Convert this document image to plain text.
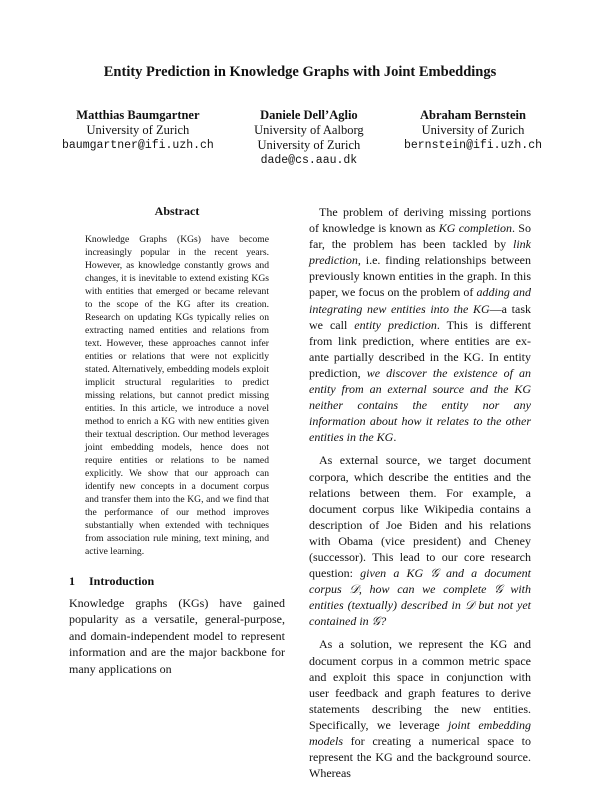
Entity Prediction in Knowledge Graphs with Joint Embeddings
Matthias Baumgartner
University of Zurich
baumgartner@ifi.uzh.ch
Daniele Dell’Aglio
University of Aalborg
University of Zurich
dade@cs.aau.dk
Abraham Bernstein
University of Zurich
bernstein@ifi.uzh.ch
Abstract

Knowledge Graphs (KGs) have become increasingly popular in the recent years. However, as knowledge constantly grows and changes, it is inevitable to extend existing KGs with entities that emerged or became relevant to the scope of the KG after its creation. Research on updating KGs typically relies on extracting named entities and relations from text. However, these approaches cannot infer entities or relations that were not explicitly stated. Alternatively, embedding models exploit implicit structural regularities to predict missing relations, but cannot predict missing entities. In this article, we introduce a novel method to enrich a KG with new entities given their textual description. Our method leverages joint embedding models, hence does not require entities or relations to be named explicitly. We show that our approach can identify new concepts in a document corpus and transfer them into the KG, and we find that the performance of our method improves substantially when extended with techniques from association rule mining, text mining, and active learning.

1 Introduction

Knowledge graphs (KGs) have gained popularity as a versatile, general-purpose, and domain-independent model to represent information and are the major backbone for many applications on

The problem of deriving missing portions of knowledge is known as KG completion. So far, the problem has been tackled by link prediction, i.e. finding relationships between previously known entities in the graph. In this paper, we focus on the problem of adding and integrating new entities into the KG—a task we call entity prediction. This is different from link prediction, where entities are ex-ante partially described in the KG. In entity prediction, we discover the existence of an entity from an external source and the KG neither contains the entity nor any information about how it relates to the other entities in the KG.

As external source, we target document corpora, which describe the entities and the relations between them. For example, a document corpus like Wikipedia contains a description of Joe Biden and his relations with Obama (vice president) and Cheney (successor). This lead to our core research question: given a KG 𝒢 and a document corpus 𝒟, how can we complete 𝒢 with entities (textually) described in 𝒟 but not yet contained in 𝒢?

As a solution, we represent the KG and document corpus in a common metric space and exploit this space in conjunction with user feedback and graph features to derive statements describing the new entities. Specifically, we leverage joint embedding models for creating a numerical space to represent the KG and the background source. Whereas
